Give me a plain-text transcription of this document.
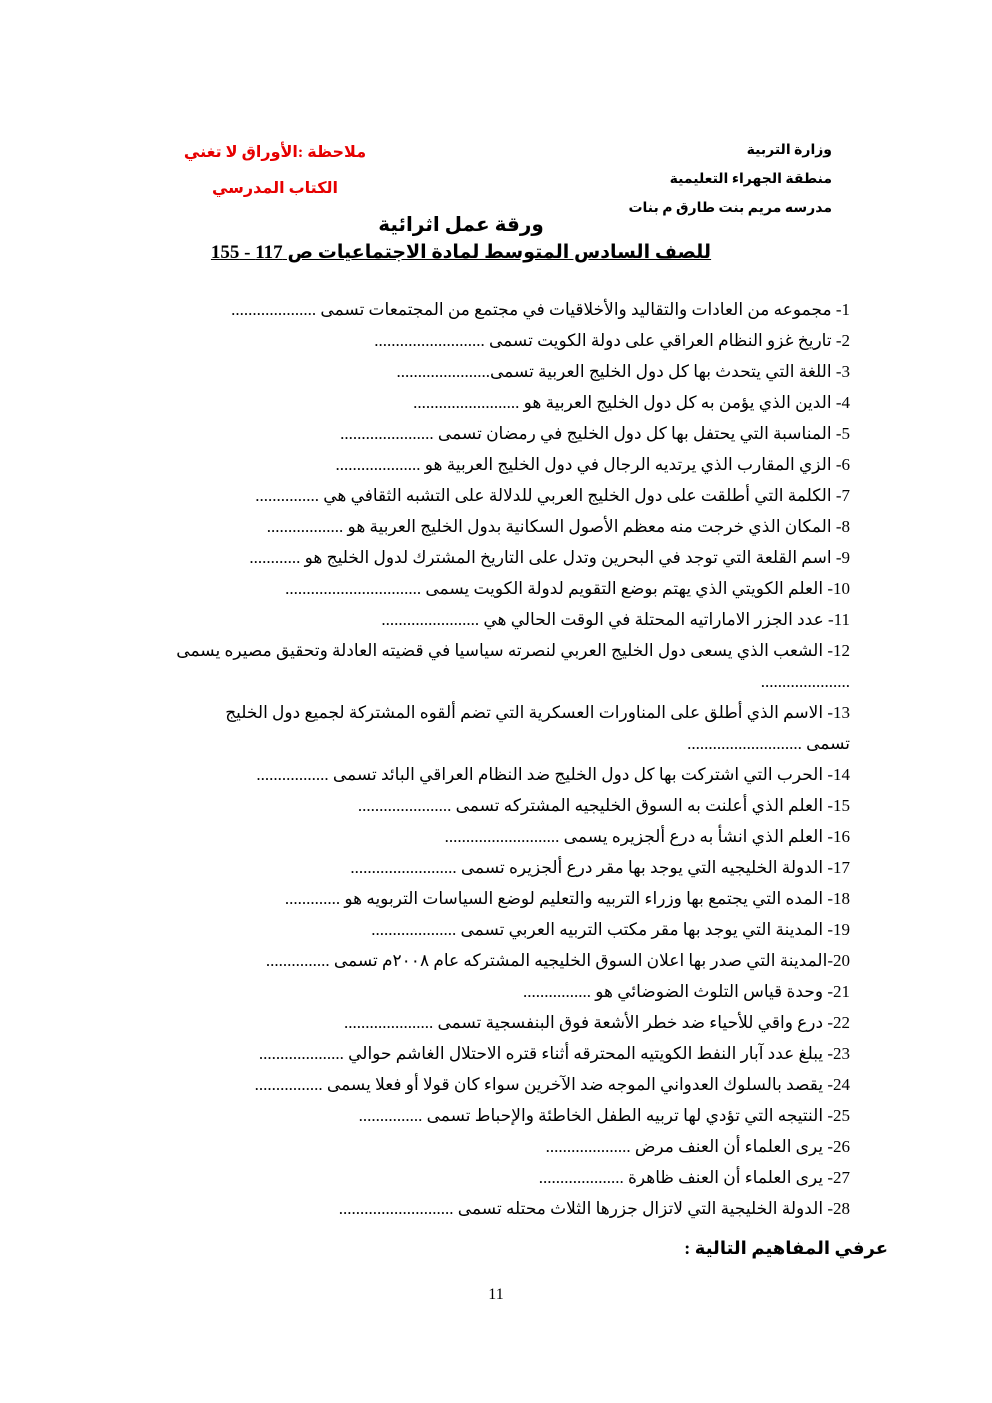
وزارة التربية
منطقة الجهراء التعليمية
مدرسه مريم بنت طارق م بنات
ملاحظة :الأوراق لا تغني
الكتاب المدرسي
ورقة عمل اثرائية
للصف السادس المتوسط لمادة الاجتماعيات ص 117 - 155
1- مجموعه من العادات والتقاليد والأخلاقيات في مجتمع من المجتمعات تسمى ....................
2- تاريخ غزو النظام العراقي على دولة الكويت تسمى ..........................
3- اللغة التي يتحدث بها كل دول الخليج العربية تسمى......................
4- الدين الذي يؤمن به كل دول الخليج العربية هو .........................
5- المناسبة التي يحتفل بها كل دول الخليج في رمضان تسمى ......................
6- الزي المقارب الذي يرتديه الرجال في دول الخليج العربية هو ....................
7- الكلمة التي أطلقت على دول الخليج العربي للدلالة على التشبه الثقافي هي ...............
8- المكان الذي خرجت منه معظم الأصول السكانية بدول الخليج العربية هو ..................
9- اسم القلعة التي توجد في البحرين وتدل على التاريخ المشترك لدول الخليج هو ............
10- العلم الكويتي الذي يهتم بوضع التقويم لدولة الكويت يسمى ................................
11- عدد الجزر الاماراتيه المحتلة في الوقت الحالي هي .......................
12- الشعب الذي يسعى دول الخليج العربي لنصرته سياسيا في قضيته العادلة وتحقيق مصيره يسمى
.....................
13- الاسم الذي أطلق على المناورات العسكرية التي تضم ألقوه المشتركة لجميع دول الخليج
تسمى ...........................
14- الحرب التي اشتركت بها كل دول الخليج ضد النظام العراقي البائد تسمى .................
15- العلم الذي أعلنت به السوق الخليجيه المشتركه تسمى ......................
16- العلم الذي انشأ به درع ألجزيره يسمى ...........................
17- الدولة الخليجيه التي يوجد بها مقر درع ألجزيره تسمى .........................
18- المده التي يجتمع بها وزراء التربيه والتعليم لوضع السياسات التربويه هو .............
19- المدينة التي يوجد بها مقر مكتب التربيه العربي تسمى ....................
20-المدينة التي صدر بها اعلان السوق الخليجيه المشتركه عام ٢٠٠٨م تسمى ...............
21- وحدة قياس التلوث الضوضائي هو ................
22- درع واقي للأحياء ضد خطر الأشعة فوق البنفسجية تسمى .....................
23- يبلغ عدد آبار النفط الكويتيه المحترقه أثناء قتره الاحتلال الغاشم حوالي ....................
24- يقصد بالسلوك العدواني الموجه ضد الآخرين سواء كان قولا أو فعلا يسمى ................
25- النتيجه التي تؤدي لها تربيه الطفل الخاطئة والإحباط تسمى ...............
26- يرى العلماء أن العنف مرض ....................
27- يرى العلماء أن العنف ظاهرة ....................
28- الدولة الخليجية التي لاتزال جزرها الثلاث محتله تسمى ...........................
عرفي المفاهيم التالية :
11
